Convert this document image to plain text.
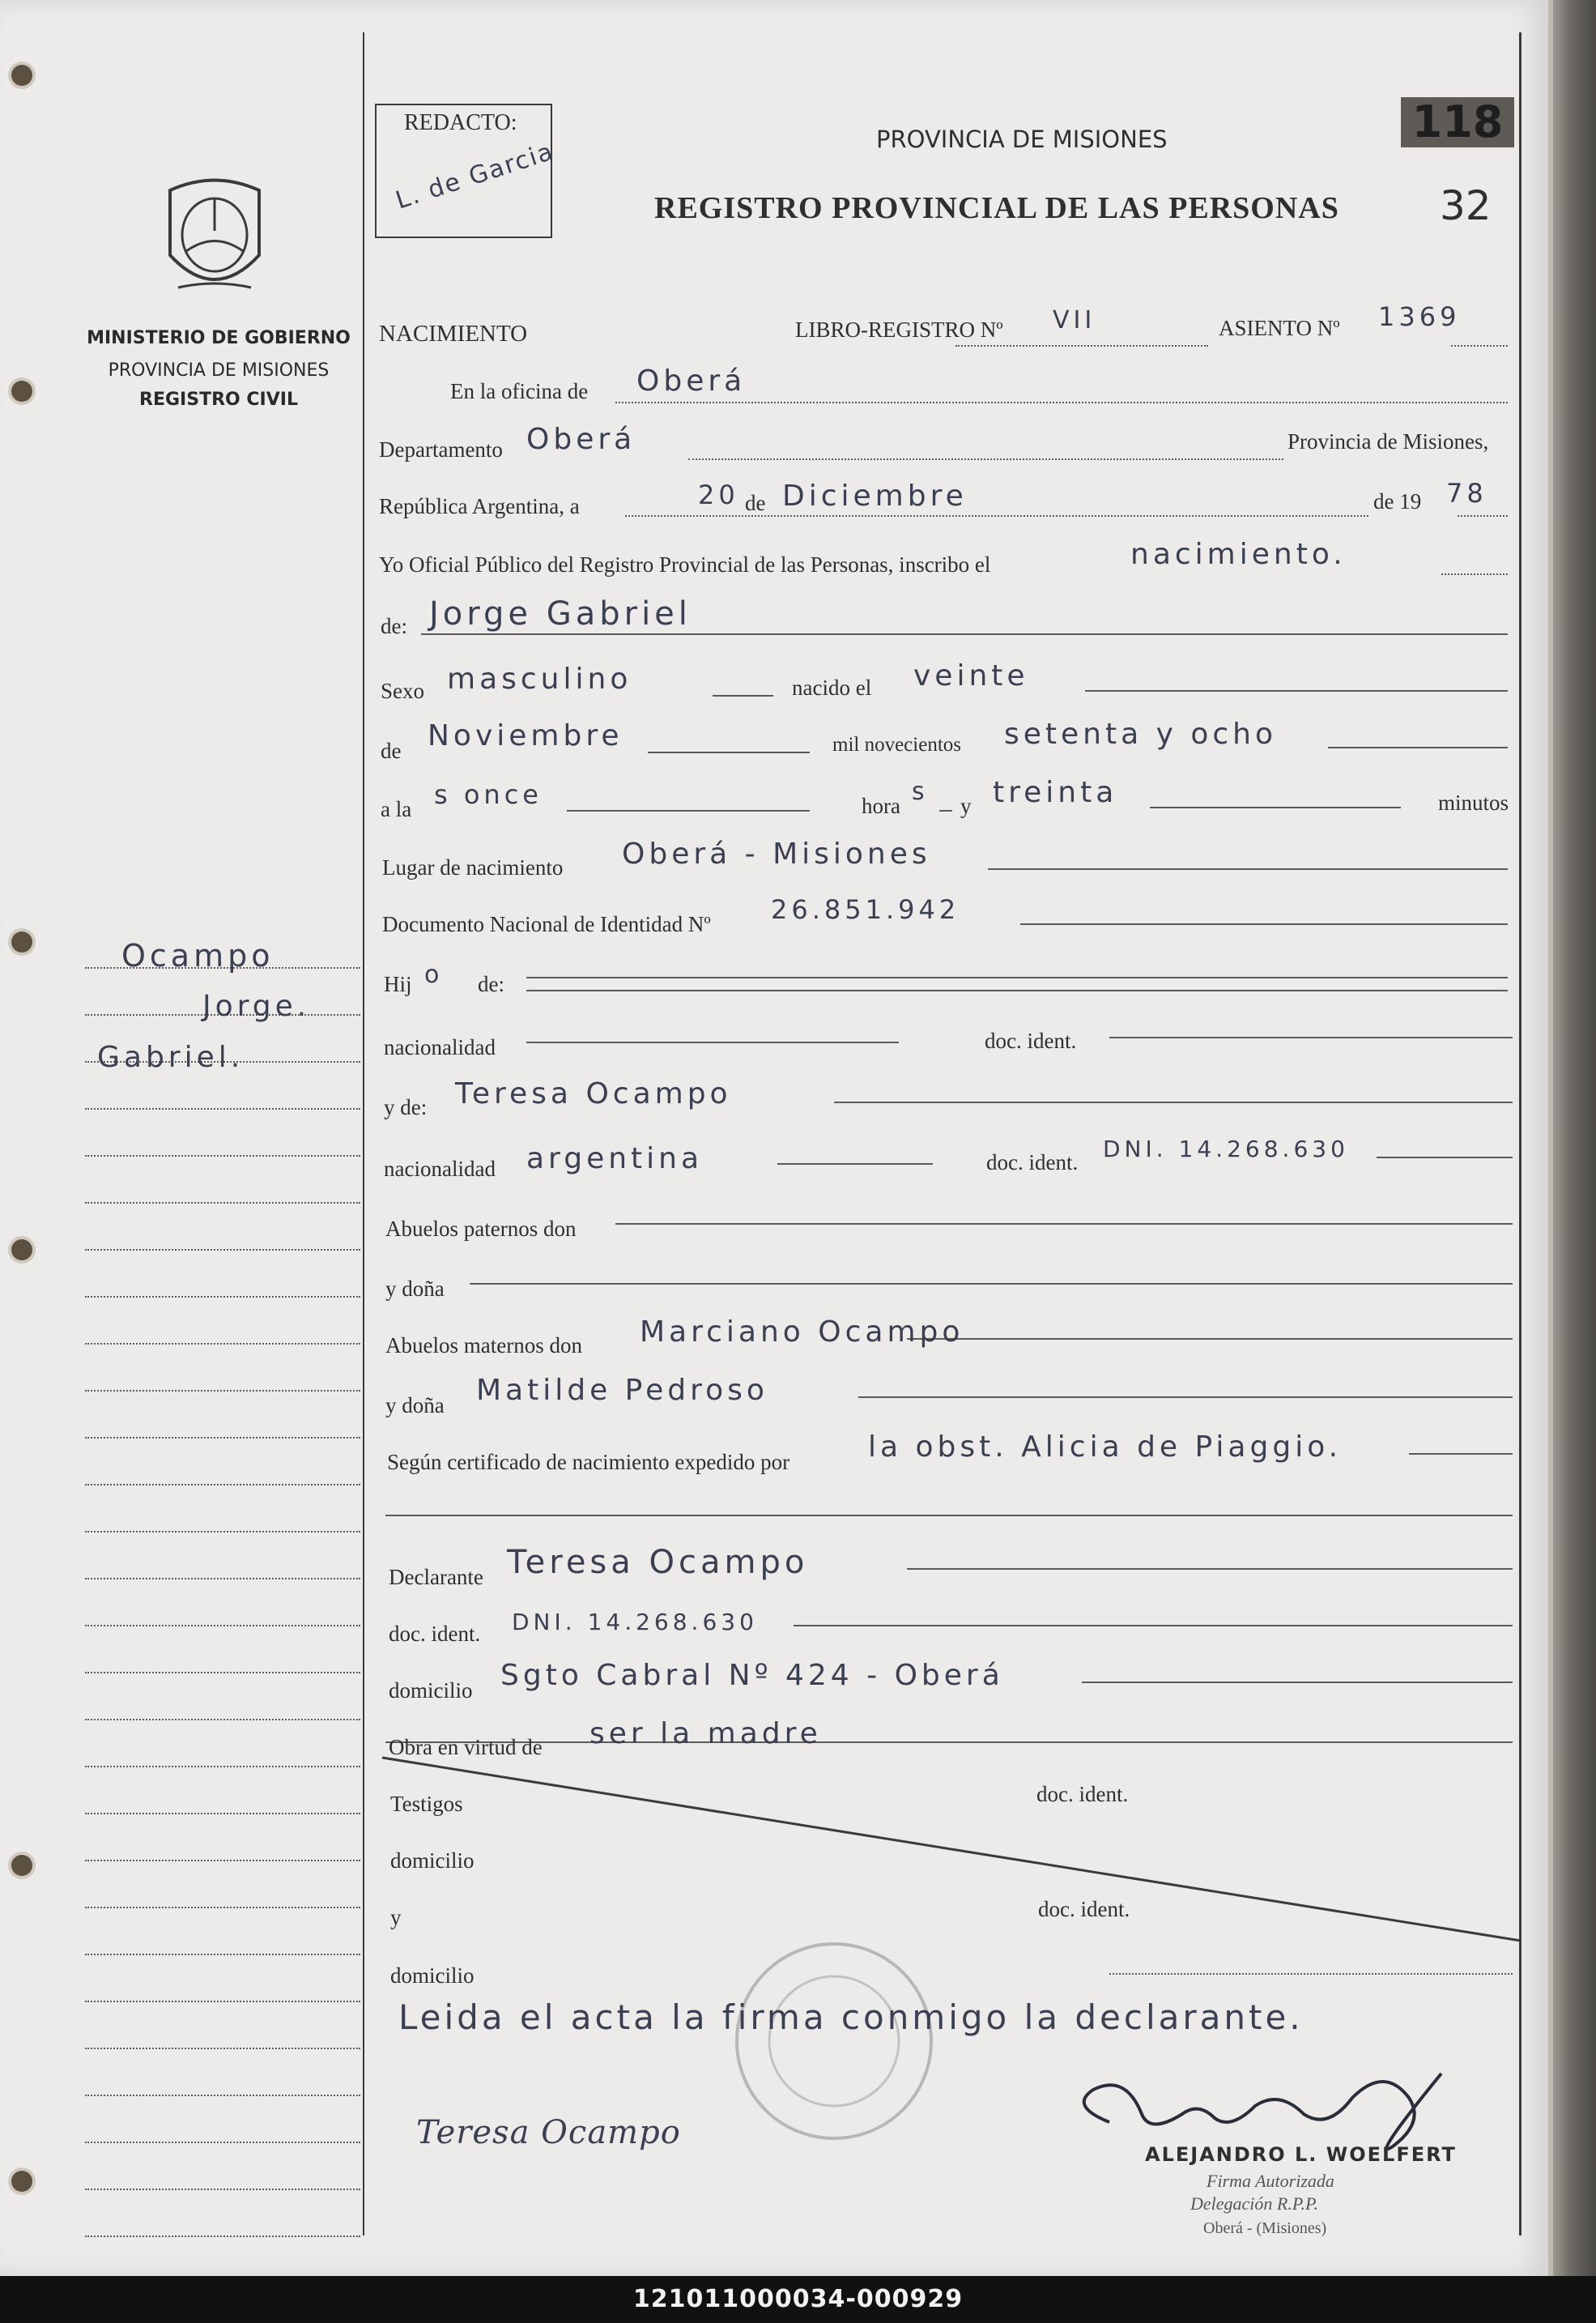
MINISTERIO DE GOBIERNO
PROVINCIA DE MISIONES
REGISTRO CIVIL
Ocampo
Jorge.
Gabriel.
REDACTO:
L. de Garcia	PROVINCIA DE MISIONES
REGISTRO PROVINCIAL DE LAS PERSONAS 32
118
NACIMIENTO	LIBRO-REGISTRO Nº VII	ASIENTO Nº 1369
En la oficina de Oberá
Departamento Oberá	Provincia de Misiones,
República Argentina, a	20 de Diciembre	de 19 78
Yo Oficial Público del Registro Provincial de las Personas, inscribo el	nacimiento.
de: Jorge Gabriel
Sexo masculino	nacido el veinte
de Noviembre	mil novecientos setenta y ocho
a la s once	hora s y treinta	minutos
Lugar de nacimiento Oberá - Misiones
Documento Nacional de Identidad Nº 26.851.942
Hij o de:
nacionalidad	doc. ident.
y de: Teresa Ocampo
nacionalidad argentina	doc. ident. DNI. 14.268.630
Abuelos paternos don
y doña
Abuelos maternos don Marciano Ocampo
y doña Matilde Pedroso
Según certificado de nacimiento expedido por	la obst. Alicia de Piaggio.
Declarante Teresa Ocampo
doc. ident. DNI. 14.268.630
domicilio Sgto Cabral Nº 424 - Oberá
Obra en virtud de ser la madre
Testigos	doc. ident.
domicilio
y	doc. ident.
domicilio
Leida el acta la firma conmigo la declarante.
Teresa Ocampo
ALEJANDRO L. WOELFERT
Firma Autorizada
Delegación R.P.P.
Oberá - (Misiones)
121011000034-000929
